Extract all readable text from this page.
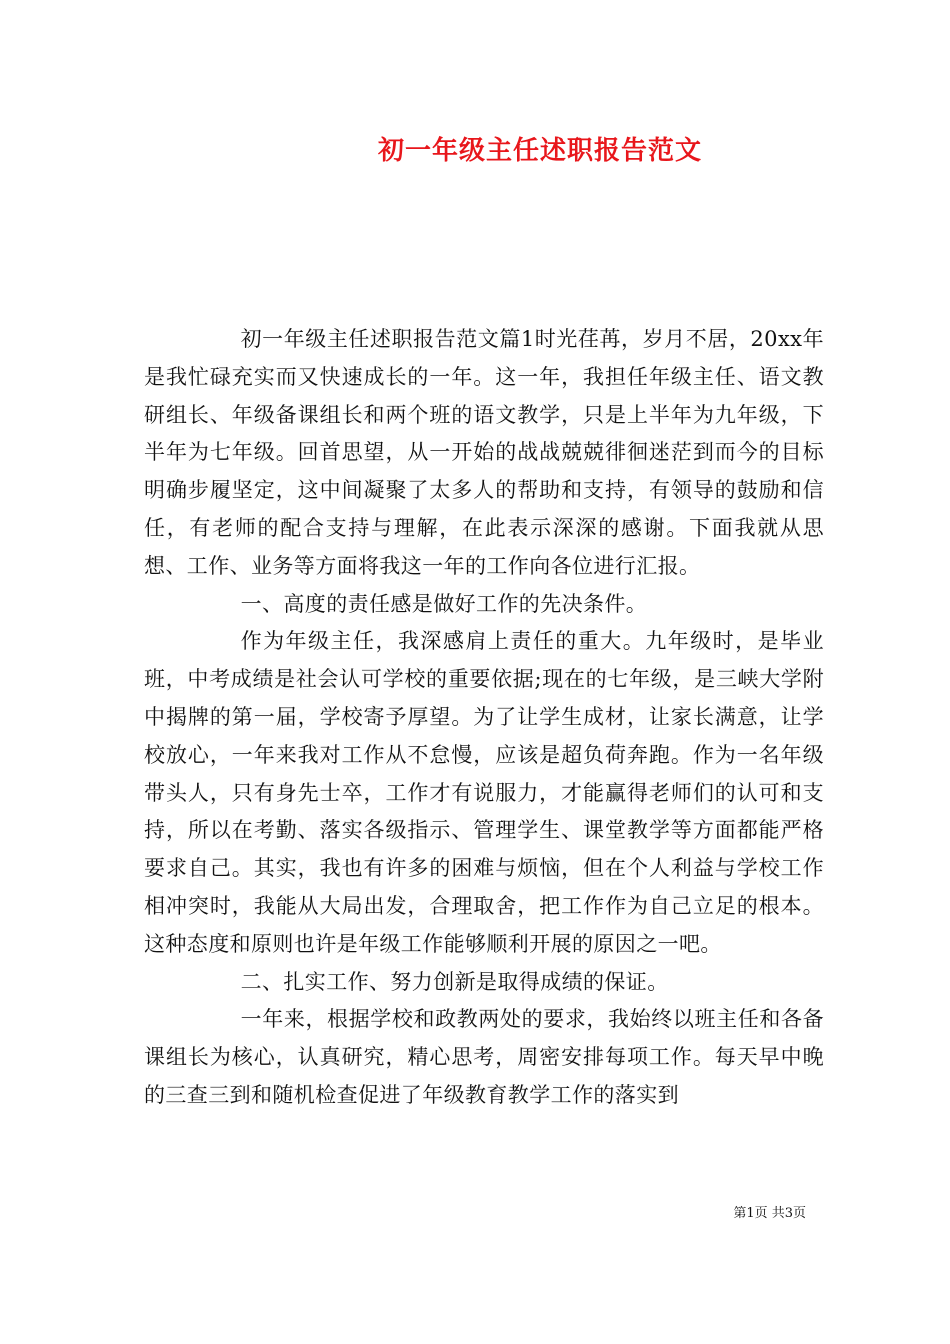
初一年级主任述职报告范文

初一年级主任述职报告范文篇1时光荏苒，岁月不居，20xx年是我忙碌充实而又快速成长的一年。这一年，我担任年级主任、语文教研组长、年级备课组长和两个班的语文教学，只是上半年为九年级，下半年为七年级。回首思望，从一开始的战战兢兢徘徊迷茫到而今的目标明确步履坚定，这中间凝聚了太多人的帮助和支持，有领导的鼓励和信任，有老师的配合支持与理解，在此表示深深的感谢。下面我就从思想、工作、业务等方面将我这一年的工作向各位进行汇报。

一、高度的责任感是做好工作的先决条件。

作为年级主任，我深感肩上责任的重大。九年级时，是毕业班，中考成绩是社会认可学校的重要依据;现在的七年级，是三峡大学附中揭牌的第一届，学校寄予厚望。为了让学生成材，让家长满意，让学校放心，一年来我对工作从不怠慢，应该是超负荷奔跑。作为一名年级带头人，只有身先士卒，工作才有说服力，才能赢得老师们的认可和支持，所以在考勤、落实各级指示、管理学生、课堂教学等方面都能严格要求自己。其实，我也有许多的困难与烦恼，但在个人利益与学校工作相冲突时，我能从大局出发，合理取舍，把工作作为自己立足的根本。这种态度和原则也许是年级工作能够顺利开展的原因之一吧。

二、扎实工作、努力创新是取得成绩的保证。

一年来，根据学校和政教两处的要求，我始终以班主任和各备课组长为核心，认真研究，精心思考，周密安排每项工作。每天早中晚的三查三到和随机检查促进了年级教育教学工作的落实到

第1页 共3页
